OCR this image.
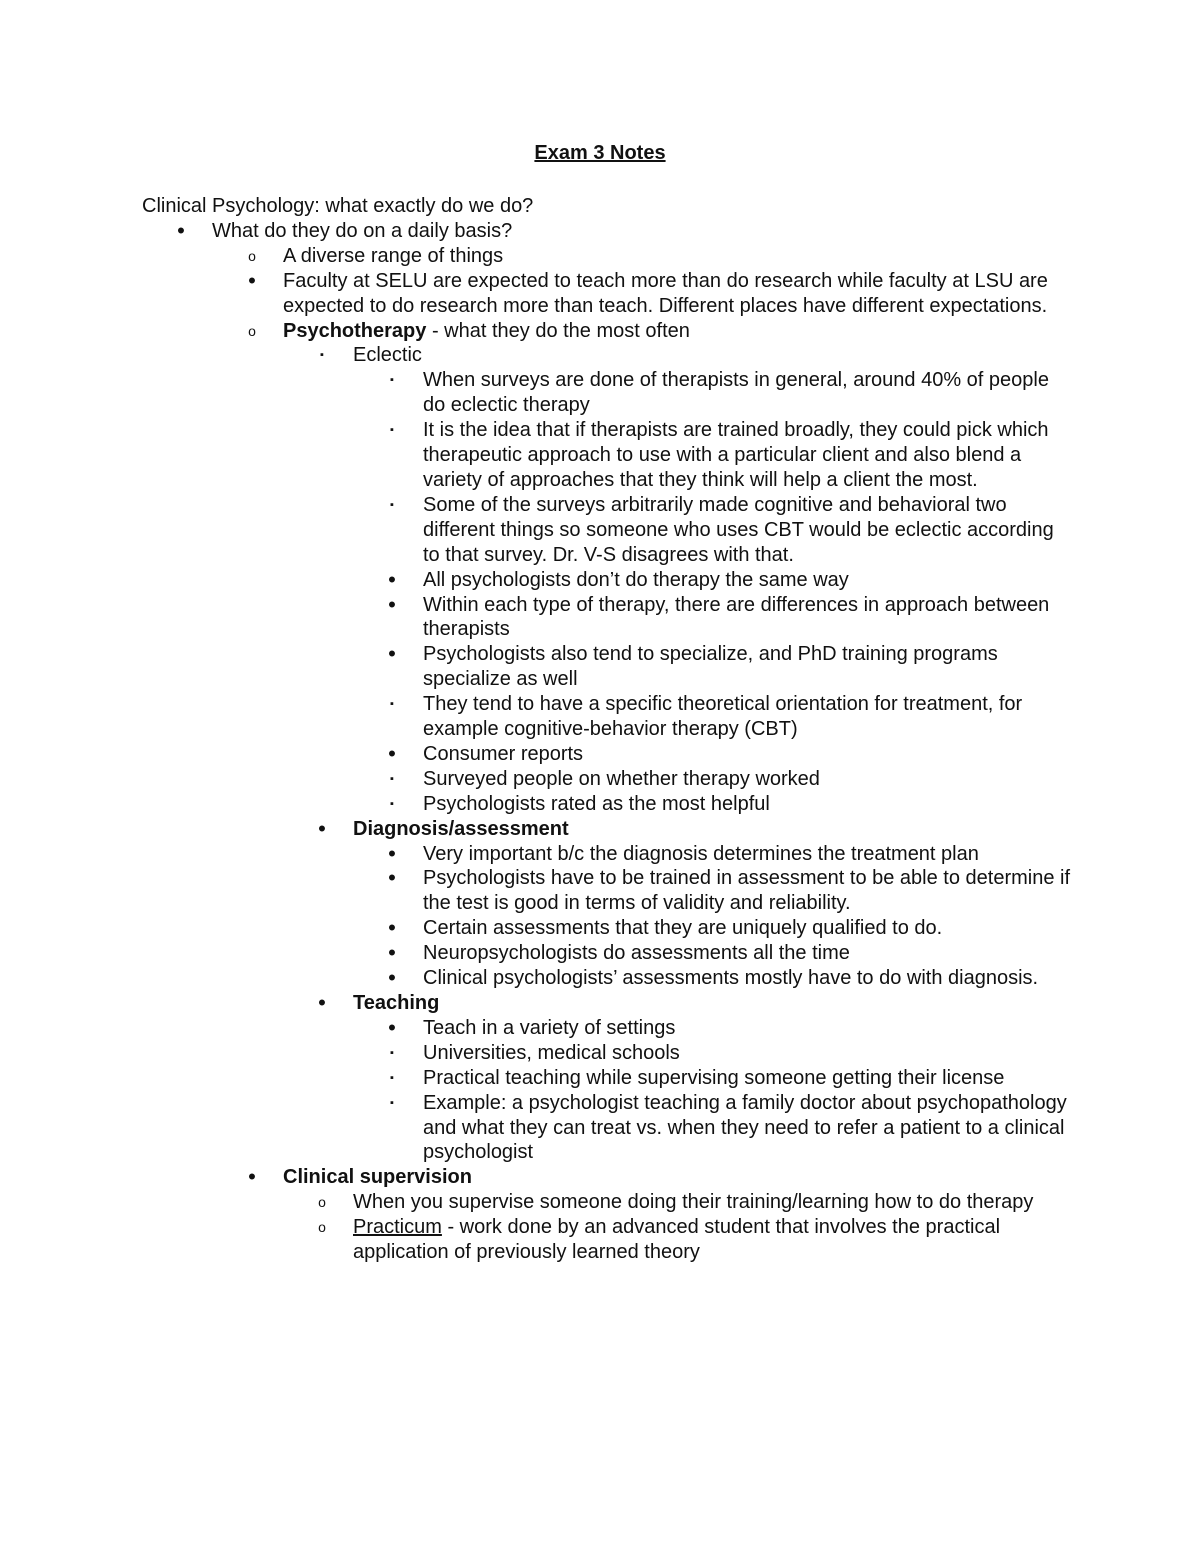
Exam 3 Notes

Clinical Psychology: what exactly do we do?

•	What do they do on a daily basis?
o	A diverse range of things
•	Faculty at SELU are expected to teach more than do research while faculty at LSU are expected to do research more than teach. Different places have different expectations.
o	Psychotherapy - what they do the most often
▪	Eclectic
▪	When surveys are done of therapists in general, around 40% of people do eclectic therapy
▪	It is the idea that if therapists are trained broadly, they could pick which therapeutic approach to use with a particular client and also blend a variety of approaches that they think will help a client the most.
▪	Some of the surveys arbitrarily made cognitive and behavioral two different things so someone who uses CBT would be eclectic according to that survey. Dr. V-S disagrees with that.
•	All psychologists don’t do therapy the same way
•	Within each type of therapy, there are differences in approach between therapists
•	Psychologists also tend to specialize, and PhD training programs specialize as well
▪	They tend to have a specific theoretical orientation for treatment, for example cognitive-behavior therapy (CBT)
•	Consumer reports
▪	Surveyed people on whether therapy worked
▪	Psychologists rated as the most helpful
•	Diagnosis/assessment
•	Very important b/c the diagnosis determines the treatment plan
•	Psychologists have to be trained in assessment to be able to determine if the test is good in terms of validity and reliability.
•	Certain assessments that they are uniquely qualified to do.
•	Neuropsychologists do assessments all the time
•	Clinical psychologists’ assessments mostly have to do with diagnosis.
•	Teaching
•	Teach in a variety of settings
▪	Universities, medical schools
▪	Practical teaching while supervising someone getting their license
▪	Example: a psychologist teaching a family doctor about psychopathology and what they can treat vs. when they need to refer a patient to a clinical psychologist
•	Clinical supervision
o	When you supervise someone doing their training/learning how to do therapy
o	Practicum - work done by an advanced student that involves the practical application of previously learned theory
